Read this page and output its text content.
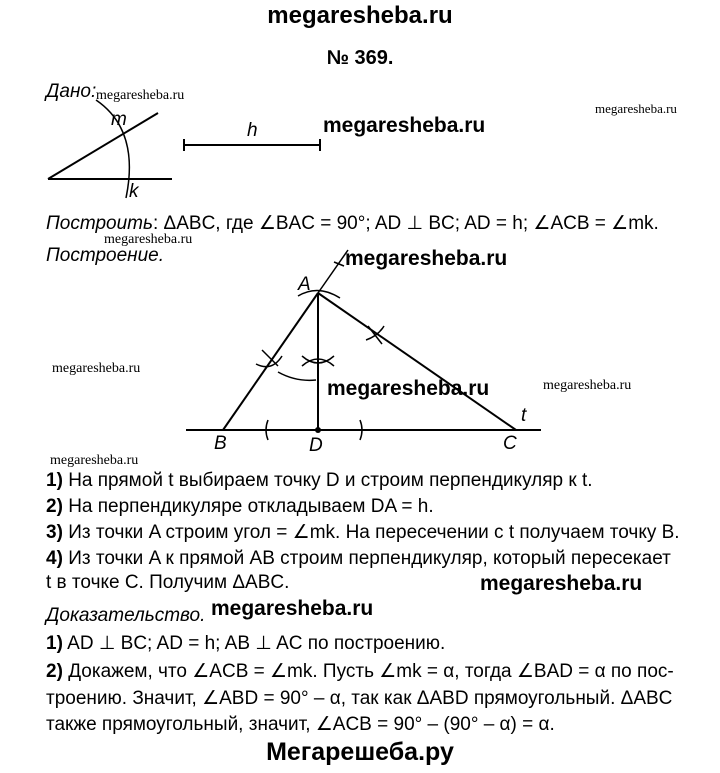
megaresheba.ru
№ 369.
megaresheba.ru
megaresheba.ru
megaresheba.ru
megaresheba.ru
megaresheba.ru
megaresheba.ru
megaresheba.ru	megaresheba.ru
megaresheba.ru
megaresheba.ru
megaresheba.ru
Дано:
m
k
h
Построить: ΔABC, где ∠BAC = 90°; AD ⊥ BC; AD = h; ∠ACB = ∠mk.
Построение.
A
B	D	C
t
1) На прямой t выбираем точку D и строим перпендикуляр к t.
2) На перпендикуляре откладываем DA = h.
3) Из точки A строим угол = ∠mk. На пересечении с t получаем точку B.
4) Из точки A к прямой AB строим перпендикуляр, который пересекает
t в точке C. Получим ΔABC.
Доказательство.
1) AD ⊥ BC; AD = h; AB ⊥ AC по построению.
2) Докажем, что ∠ACB = ∠mk. Пусть ∠mk = α, тогда ∠BAD = α по пос-
троению. Значит, ∠ABD = 90° – α, так как ΔABD прямоугольный. ΔABC
также прямоугольный, значит, ∠ACB = 90° – (90° – α) = α.
Мегарешеба.ру
